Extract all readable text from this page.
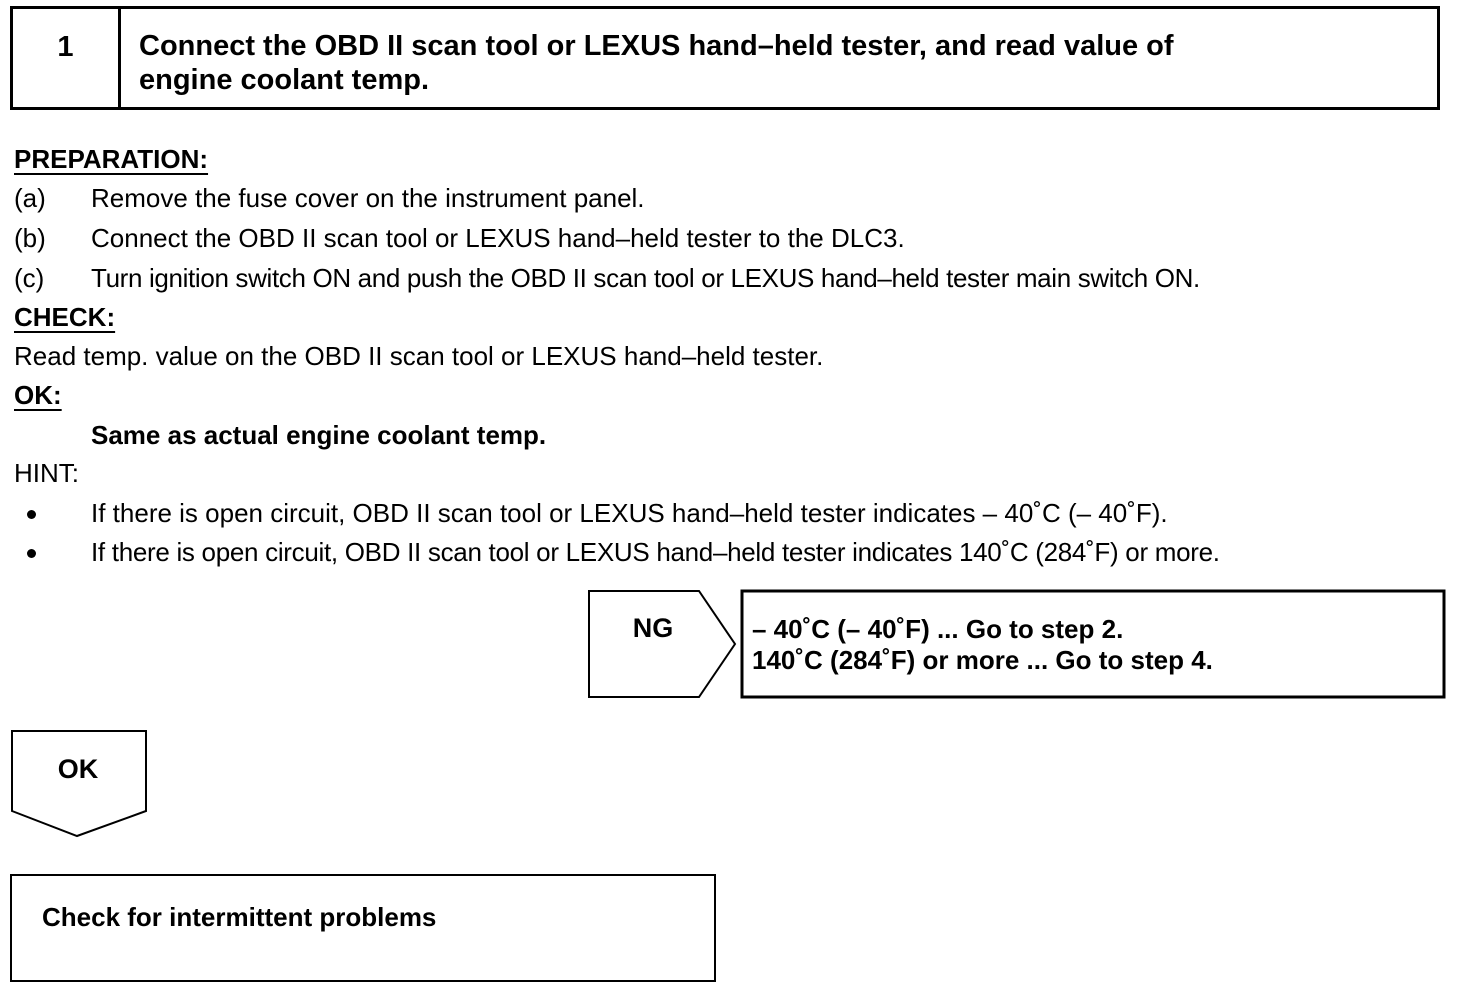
1	Connect the OBD II scan tool or LEXUS hand–held tester, and read value of
engine coolant temp.
PREPARATION:
(a) Remove the fuse cover on the instrument panel.
(b) Connect the OBD II scan tool or LEXUS hand–held tester to the DLC3.
(c) Turn ignition switch ON and push the OBD II scan tool or LEXUS hand–held tester main switch ON.
CHECK:
Read temp. value on the OBD II scan tool or LEXUS hand–held tester.
OK:
Same as actual engine coolant temp.
HINT:
If there is open circuit, OBD II scan tool or LEXUS hand–held tester indicates – 40˚C (– 40˚F).
If there is open circuit, OBD II scan tool or LEXUS hand–held tester indicates 140˚C (284˚F) or more.
NG	– 40˚C (– 40˚F) ... Go to step 2.
140˚C (284˚F) or more ... Go to step 4.
OK
Check for intermittent problems
